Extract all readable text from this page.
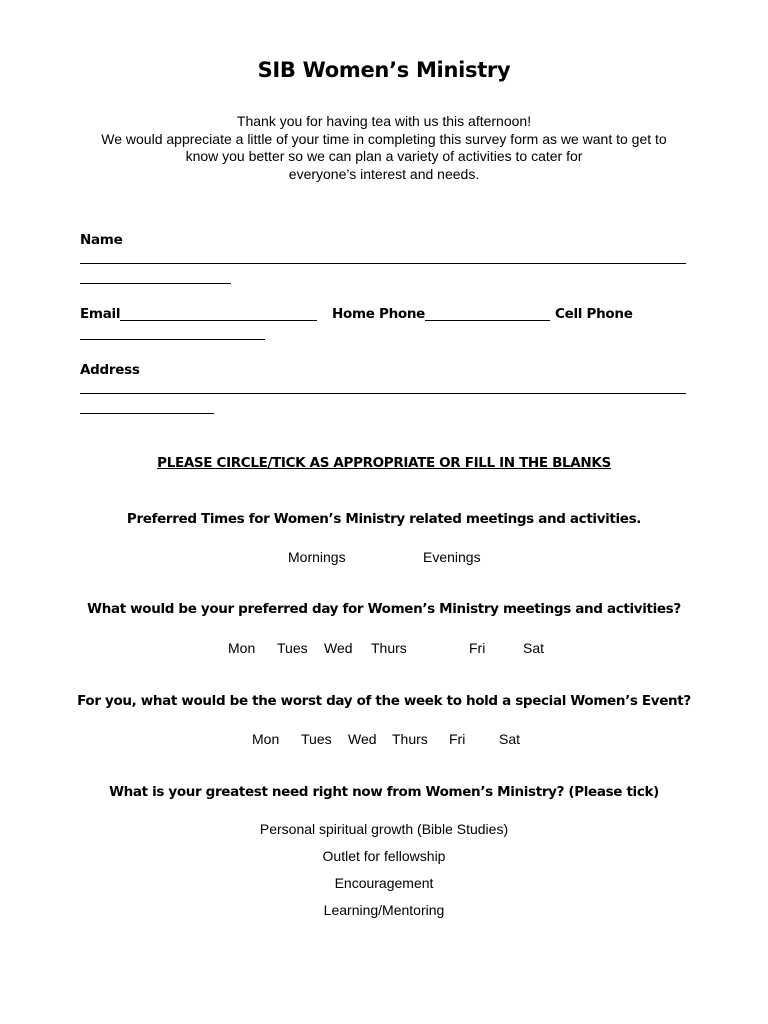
SIB Women’s Ministry
Thank you for having tea with us this afternoon!
We would appreciate a little of your time in completing this survey form as we want to get to
know you better so we can plan a variety of activities to cater for
everyone’s interest and needs.
Name
Email	Home Phone	Cell Phone
Address
PLEASE CIRCLE/TICK AS APPROPRIATE OR FILL IN THE BLANKS
Preferred Times for Women’s Ministry related meetings and activities.
Mornings	Evenings
What would be your preferred day for Women’s Ministry meetings and activities?
Mon Tues Wed Thurs	Fri	Sat
For you, what would be the worst day of the week to hold a special Women’s Event?
Mon Tues Wed Thurs Fri Sat
What is your greatest need right now from Women’s Ministry? (Please tick)
Personal spiritual growth (Bible Studies)
Outlet for fellowship
Encouragement
Learning/Mentoring
